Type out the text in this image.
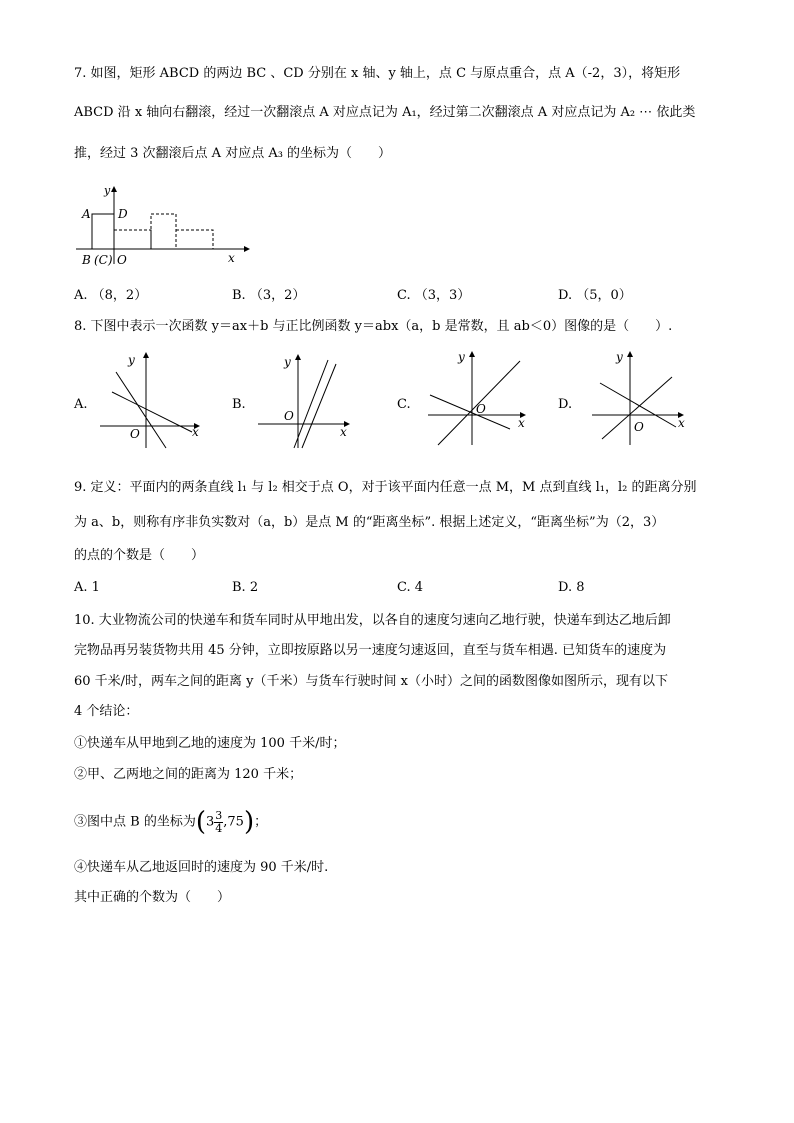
7. 如图，矩形 ABCD 的两边 BC 、CD 分别在 x 轴、y 轴上，点 C 与原点重合，点 A（-2，3），将矩形
ABCD 沿 x 轴向右翻滚，经过一次翻滚点 A 对应点记为 A₁，经过第二次翻滚点 A 对应点记为 A₂ ⋯ 依此类
推，经过 3 次翻滚后点 A 对应点 A₃ 的坐标为（　　）
y
A D
B (C) O	x
A. （8，2）	B. （3，2）	C. （3，3）	D. （5，0）
8. 下图中表示一次函数 y＝ax＋b 与正比例函数 y＝abx（a，b 是常数，且 ab＜0）图像的是（　　）.
A.
y
O	x
B.
y
O
x
C.
y
O
x
D.
y
O	x
9. 定义：平面内的两条直线 l₁ 与 l₂ 相交于点 O，对于该平面内任意一点 M，M 点到直线 l₁，l₂ 的距离分别
为 a、b，则称有序非负实数对（a，b）是点 M 的“距离坐标”. 根据上述定义，“距离坐标”为（2，3）
的点的个数是（　　）
A. 1	B. 2	C. 4	D. 8
10. 大业物流公司的快递车和货车同时从甲地出发，以各自的速度匀速向乙地行驶，快递车到达乙地后卸
完物品再另装货物共用 45 分钟，立即按原路以另一速度匀速返回，直至与货车相遇. 已知货车的速度为
60 千米/时，两车之间的距离 y（千米）与货车行驶时间 x（小时）之间的函数图像如图所示，现有以下
4 个结论：
①快递车从甲地到乙地的速度为 100 千米/时；
②甲、乙两地之间的距离为 120 千米；
③图中点 B 的坐标为$(3 \frac{3}{4} ,75)$；
④快递车从乙地返回时的速度为 90 千米/时.
其中正确的个数为（　　）
